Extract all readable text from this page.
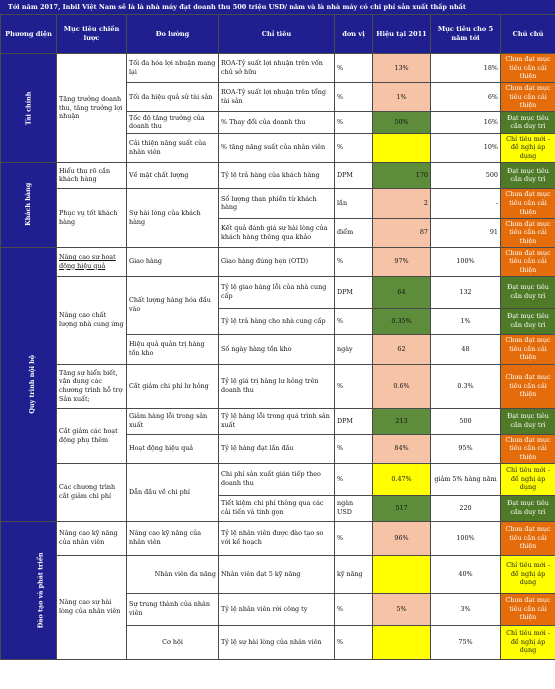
Tới năm 2017, Inbil Việt Nam sẽ là là nhà máy đạt doanh thu 500 triệu USD/ năm và là nhà máy có chi phí sản xuất thấp nhất
Phương diện	Mục tiêu chiến lược	Đo lường	Chỉ tiêu	đơn vị	Hiệu tại 2011	Mục tiêu cho 5 năm tới	Chú chú
Tài chính	Tăng trưởng doanh thu, tăng trưởng lợi nhuận	Tối đa hóa lợi nhuận mang lại	ROA-Tỷ suất lợi nhuận trên vốn chủ sở hữu	%	13%	18%	Chưa đạt mục tiêu cần cải thiện
		Tối đa hiệu quả sử tài sản	ROA-Tỷ suất lợi nhuận trên tổng tài sản	%	1%	6%	Chưa đạt mục tiêu cần cải thiện
		Tốc độ tăng trưởng của doanh thu	% Thay đổi của doanh thu	%	50%	16%	Đạt mục tiêu cần duy trì
		Cải thiện năng suất của nhân viên	% tăng năng suất của nhân viên	%		10%	Chỉ tiêu mới - đề nghị áp dụng
Khách hàng	Hiểu thu rõ cần khách hàng	Về mặt chất lượng	Tỷ lệ trả hàng của khách hàng	DPM	170	500	Đạt mục tiêu cần duy trì
	Phục vụ tốt khách hàng	Sự hài lòng của khách hàng	Số lượng than phiền từ khách hàng	lần	2	-	Chưa đạt mục tiêu cần cải thiện
			Kết quả đánh giá sự hài lòng của khách hàng thông qua khảo	điểm	87	91	Chưa đạt mục tiêu cần cải thiện
Quy trình nội bộ	Nâng cao sự hoạt động hiệu quả	Giao hàng	Giao hàng đúng hẹn (OTD)	%	97%	100%	Chưa đạt mục tiêu cần cải thiện
	Nâng cao chất lượng nhà cung ứng	Chất lượng hàng hóa đầu vào	Tỷ lệ giao hàng lỗi của nhà cung cấp	DPM	64	132	Đạt mục tiêu cần duy trì
			Tỷ lệ trả hàng cho nhà cung cấp	%	0.35%	1%	Đạt mục tiêu cần duy trì
		Hiệu quả quản trị hàng tồn kho	Số ngày hàng tồn kho	ngày	62	48	Chưa đạt mục tiêu cần cải thiện
	Tăng sự hiển biết, vận dụng các chương trình hỗ trợ Sản xuất;	Cắt giảm chi phí lư hỏng	Tỷ lệ giá trị hàng lư hỏng trên doanh thu	%	0.6%	0.3%	Chưa đạt mục tiêu cần cải thiện
	Cắt giảm các hoạt động phụ thêm	Giảm hàng lỗi trong sản xuất	Tỷ lệ hàng lỗi trong quá trình sản xuất	DPM	213	500	Đạt mục tiêu cần duy trì
		Hoạt động hiệu quả	Tỷ lệ hàng đạt lần đầu	%	84%	95%	Chưa đạt mục tiêu cần cải thiện
	Các chương trình cắt giảm chi phí	Dẫn đầu về chi phí	Chi phí sản xuất gián tiếp theo doanh thu	%	0.47%	giảm 5% hàng năm	Chỉ tiêu mới - đề nghị áp dụng
			Tiết kiệm chi phí thông qua các cải tiến và tinh gọn	ngàn USD	517	220	Đạt mục tiêu cần duy trì
Đào tạo và phát triển	Nâng cao kỹ năng của nhân viên	Nâng cao kỹ năng của nhân viên	Tỷ lệ nhân viên được đào tạo so với kế hoạch	%	96%	100%	Chưa đạt mục tiêu cần cải thiện
	Nâng cao sự hài lòng của nhân viên	Nhân viên đa năng	Nhân viên đạt 5 kỹ năng	kỹ năng		40%	Chỉ tiêu mới - đề nghị áp dụng
		Sự trung thành của nhân viên	Tỷ lệ nhân viên rời công ty	%	5%	3%	Chưa đạt mục tiêu cần cải thiện
		Cơ hội	Tỷ lệ sự hài lòng của nhân viên	%		75%	Chỉ tiêu mới - đề nghị áp dụng
